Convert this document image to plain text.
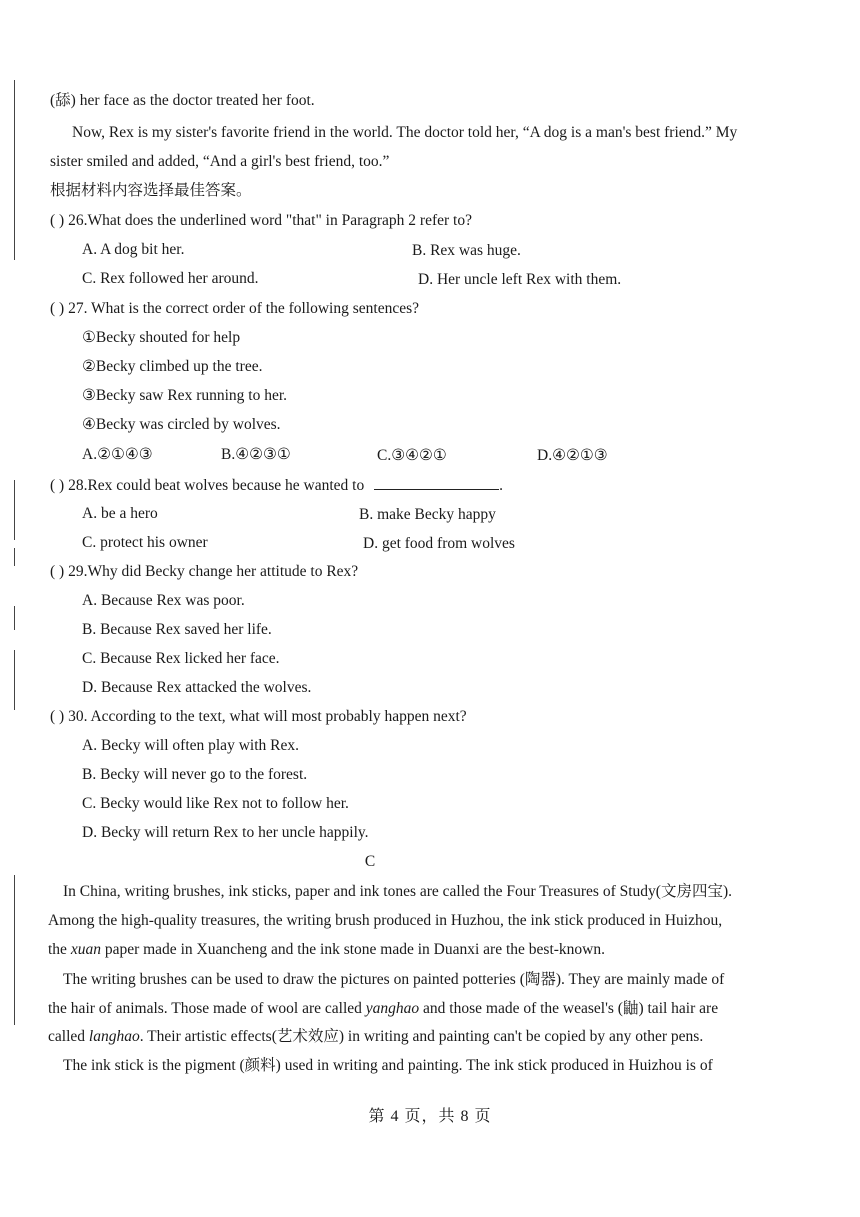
(舔) her face as the doctor treated her foot.
Now, Rex is my sister's favorite friend in the world. The doctor told her, “A dog is a man's best friend.” My
sister smiled and added, “And a girl's best friend, too.”
根据材料内容选择最佳答案。
( ) 26.What does the underlined word "that" in Paragraph 2 refer to?
A. A dog bit her.	B. Rex was huge.
C. Rex followed her around.	D. Her uncle left Rex with them.
( ) 27. What is the correct order of the following sentences?
①Becky shouted for help
②Becky climbed up the tree.
③Becky saw Rex running to her.
④Becky was circled by wolves.
A.②①④③	B.④②③①	C.③④②①	D.④②①③
( ) 28.Rex could beat wolves because he wanted to	.
A. be a hero	B. make Becky happy
C. protect his owner	D. get food from wolves
( ) 29.Why did Becky change her attitude to Rex?
A. Because Rex was poor.
B. Because Rex saved her life.
C. Because Rex licked her face.
D. Because Rex attacked the wolves.
( ) 30. According to the text, what will most probably happen next?
A. Becky will often play with Rex.
B. Becky will never go to the forest.
C. Becky would like Rex not to follow her.
D. Becky will return Rex to her uncle happily.
C
In China, writing brushes, ink sticks, paper and ink tones are called the Four Treasures of Study(文房四宝).
Among the high-quality treasures, the writing brush produced in Huzhou, the ink stick produced in Huizhou,
the xuan paper made in Xuancheng and the ink stone made in Duanxi are the best-known.
The writing brushes can be used to draw the pictures on painted potteries (陶器). They are mainly made of
the hair of animals. Those made of wool are called yanghao and those made of the weasel's (鼬) tail hair are
called langhao. Their artistic effects(艺术效应) in writing and painting can't be copied by any other pens.
The ink stick is the pigment (颜料) used in writing and painting. The ink stick produced in Huizhou is of
第 4 页，共 8 页
